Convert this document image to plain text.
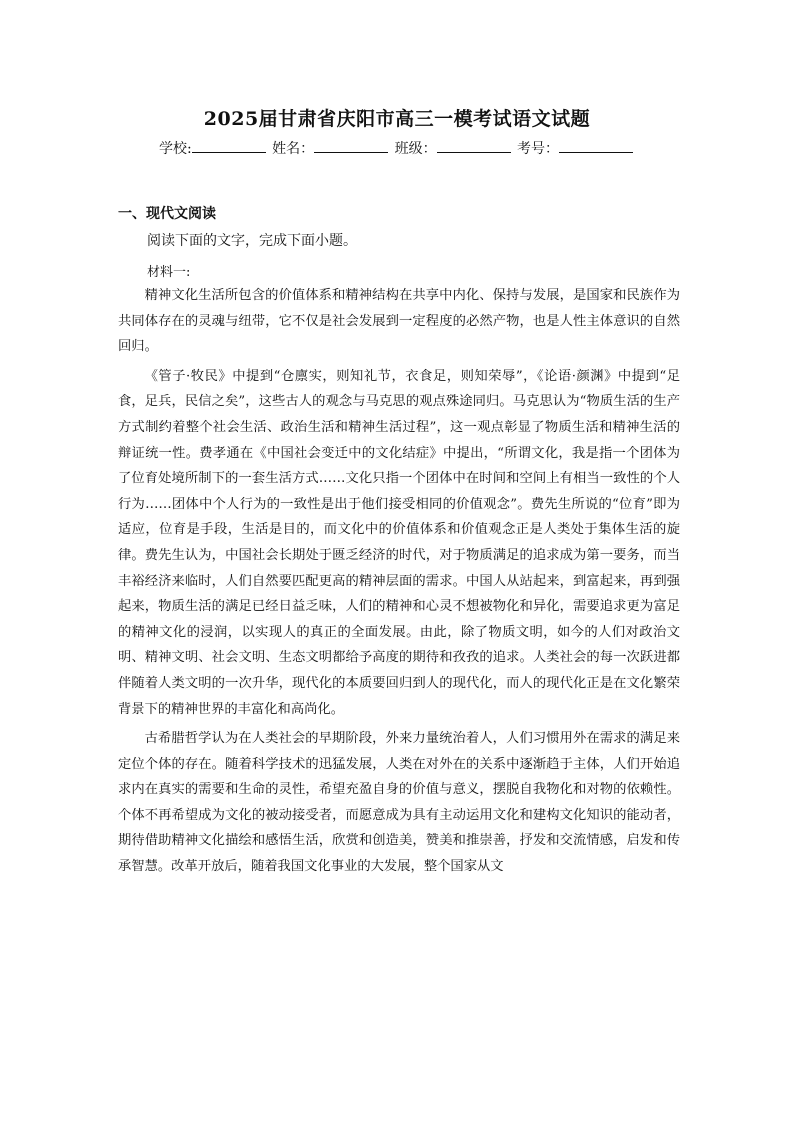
2025届甘肃省庆阳市高三一模考试语文试题
学校:	姓名：	班级：	考号：
一、现代文阅读
阅读下面的文字，完成下面小题。
材料一:

精神文化生活所包含的价值体系和精神结构在共享中内化、保持与发展，是国家和民族作为共同体存在的灵魂与纽带，它不仅是社会发展到一定程度的必然产物，也是人性主体意识的自然回归。

《管子·牧民》中提到“仓廪实，则知礼节，衣食足，则知荣辱”，《论语·颜渊》中提到“足食，足兵，民信之矣”，这些古人的观念与马克思的观点殊途同归。马克思认为“物质生活的生产方式制约着整个社会生活、政治生活和精神生活过程”，这一观点彰显了物质生活和精神生活的辩证统一性。费孝通在《中国社会变迁中的文化结症》中提出，“所谓文化，我是指一个团体为了位育处境所制下的一套生活方式……文化只指一个团体中在时间和空间上有相当一致性的个人行为……团体中个人行为的一致性是出于他们接受相同的价值观念”。费先生所说的“位育”即为适应，位育是手段，生活是目的，而文化中的价值体系和价值观念正是人类处于集体生活的旋律。费先生认为，中国社会长期处于匮乏经济的时代，对于物质满足的追求成为第一要务，而当丰裕经济来临时，人们自然要匹配更高的精神层面的需求。中国人从站起来，到富起来，再到强起来，物质生活的满足已经日益乏味，人们的精神和心灵不想被物化和异化，需要追求更为富足的精神文化的浸润，以实现人的真正的全面发展。由此，除了物质文明，如今的人们对政治文明、精神文明、社会文明、生态文明都给予高度的期待和孜孜的追求。人类社会的每一次跃进都伴随着人类文明的一次升华，现代化的本质要回归到人的现代化，而人的现代化正是在文化繁荣背景下的精神世界的丰富化和高尚化。

古希腊哲学认为在人类社会的早期阶段，外来力量统治着人，人们习惯用外在需求的满足来定位个体的存在。随着科学技术的迅猛发展，人类在对外在的关系中逐渐趋于主体，人们开始追求内在真实的需要和生命的灵性，希望充盈自身的价值与意义，摆脱自我物化和对物的依赖性。个体不再希望成为文化的被动接受者，而愿意成为具有主动运用文化和建构文化知识的能动者，期待借助精神文化描绘和感悟生活，欣赏和创造美，赞美和推崇善，抒发和交流情感，启发和传承智慧。改革开放后，随着我国文化事业的大发展，整个国家从文
